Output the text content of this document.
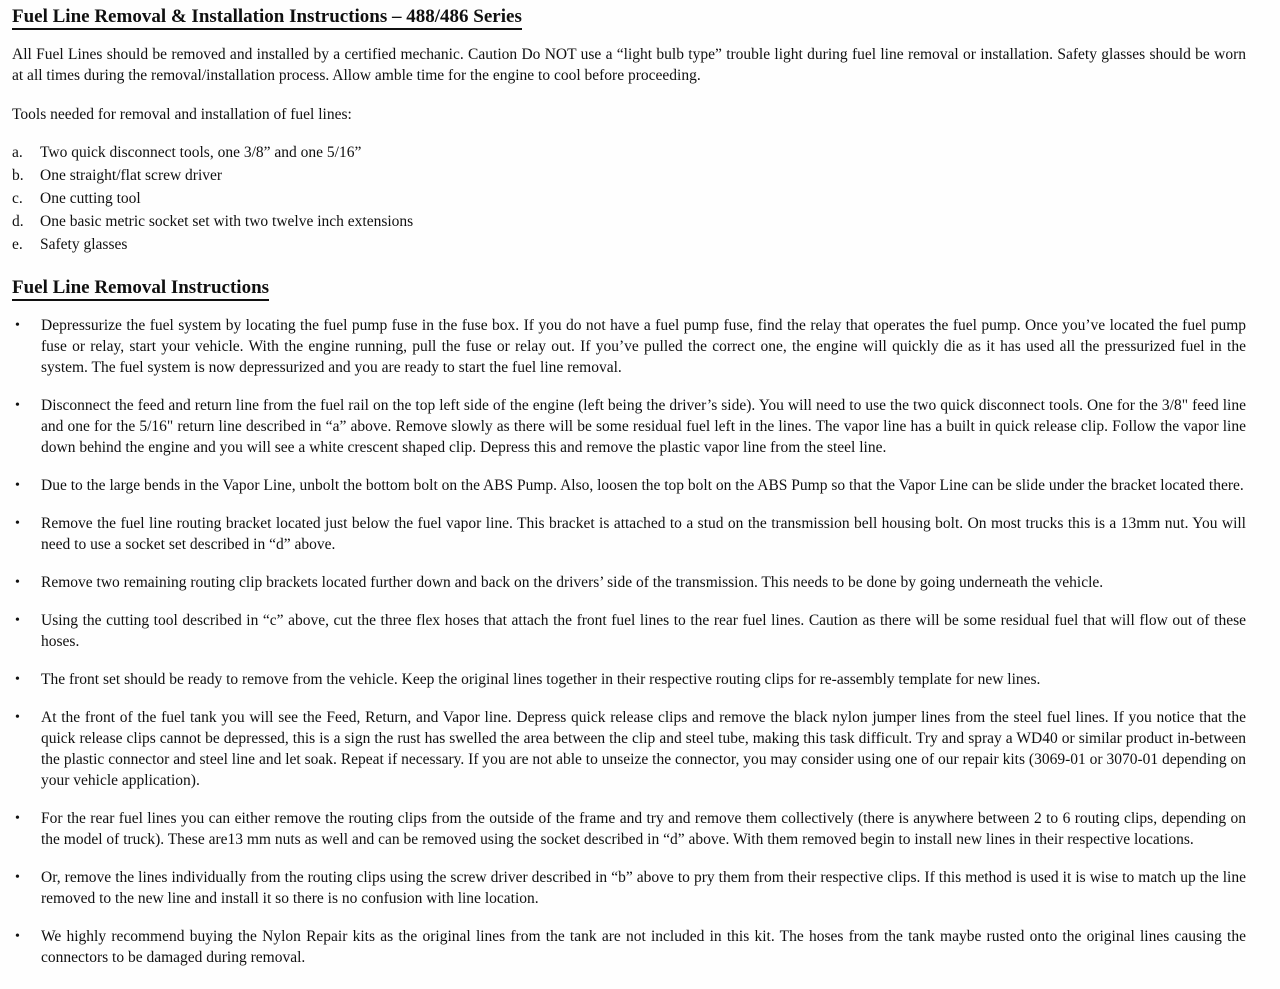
Fuel Line Removal & Installation Instructions – 488/486 Series

All Fuel Lines should be removed and installed by a certified mechanic. Caution Do NOT use a “light bulb type” trouble light during fuel line removal or installation. Safety glasses should be worn at all times during the removal/installation process. Allow amble time for the engine to cool before proceeding.

Tools needed for removal and installation of fuel lines:

a.	Two quick disconnect tools, one 3/8” and one 5/16”
b.	One straight/flat screw driver
c.	One cutting tool
d.	One basic metric socket set with two twelve inch extensions
e.	Safety glasses
Fuel Line Removal Instructions
•	Depressurize the fuel system by locating the fuel pump fuse in the fuse box. If you do not have a fuel pump fuse, find the relay that operates the fuel pump. Once you’ve located the fuel pump fuse or relay, start your vehicle. With the engine running, pull the fuse or relay out. If you’ve pulled the correct one, the engine will quickly die as it has used all the pressurized fuel in the system. The fuel system is now depressurized and you are ready to start the fuel line removal.
•	Disconnect the feed and return line from the fuel rail on the top left side of the engine (left being the driver’s side). You will need to use the two quick disconnect tools. One for the 3/8" feed line and one for the 5/16" return line described in “a” above. Remove slowly as there will be some residual fuel left in the lines. The vapor line has a built in quick release clip. Follow the vapor line down behind the engine and you will see a white crescent shaped clip. Depress this and remove the plastic vapor line from the steel line.
•	Due to the large bends in the Vapor Line, unbolt the bottom bolt on the ABS Pump. Also, loosen the top bolt on the ABS Pump so that the Vapor Line can be slide under the bracket located there.
•	Remove the fuel line routing bracket located just below the fuel vapor line. This bracket is attached to a stud on the transmission bell housing bolt. On most trucks this is a 13mm nut. You will need to use a socket set described in “d” above.
•	Remove two remaining routing clip brackets located further down and back on the drivers’ side of the transmission. This needs to be done by going underneath the vehicle.
•	Using the cutting tool described in “c” above, cut the three flex hoses that attach the front fuel lines to the rear fuel lines. Caution as there will be some residual fuel that will flow out of these hoses.
•	The front set should be ready to remove from the vehicle. Keep the original lines together in their respective routing clips for re-assembly template for new lines.
•	At the front of the fuel tank you will see the Feed, Return, and Vapor line. Depress quick release clips and remove the black nylon jumper lines from the steel fuel lines. If you notice that the quick release clips cannot be depressed, this is a sign the rust has swelled the area between the clip and steel tube, making this task difficult. Try and spray a WD40 or similar product in-between the plastic connector and steel line and let soak. Repeat if necessary. If you are not able to unseize the connector, you may consider using one of our repair kits (3069-01 or 3070-01 depending on your vehicle application).
•	For the rear fuel lines you can either remove the routing clips from the outside of the frame and try and remove them collectively (there is anywhere between 2 to 6 routing clips, depending on the model of truck). These are13 mm nuts as well and can be removed using the socket described in “d” above. With them removed begin to install new lines in their respective locations.
•	Or, remove the lines individually from the routing clips using the screw driver described in “b” above to pry them from their respective clips. If this method is used it is wise to match up the line removed to the new line and install it so there is no confusion with line location.
•	We highly recommend buying the Nylon Repair kits as the original lines from the tank are not included in this kit. The hoses from the tank maybe rusted onto the original lines causing the connectors to be damaged during removal.
